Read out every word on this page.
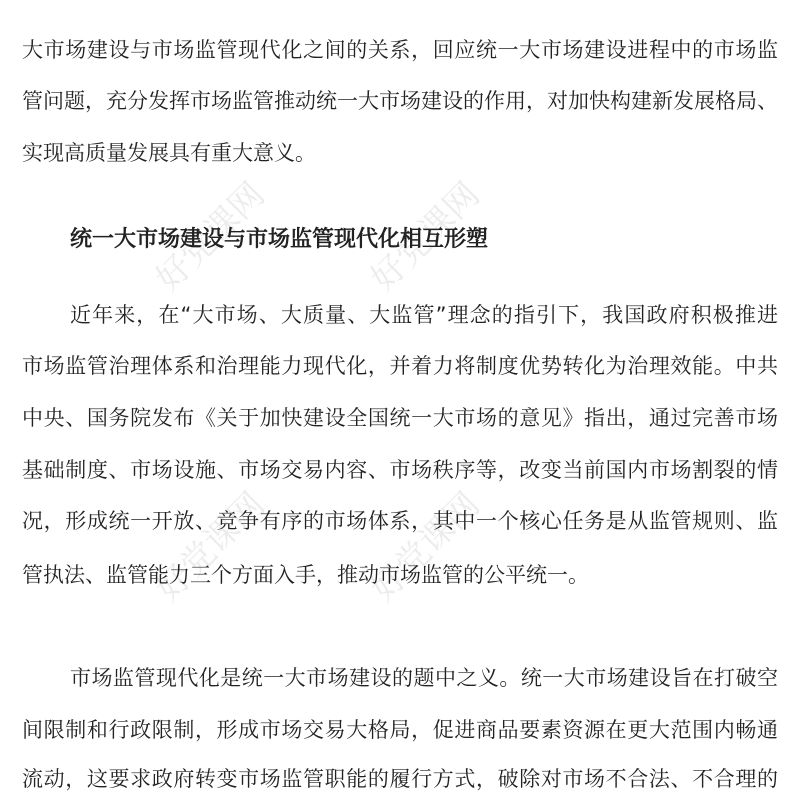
好党课网	好党课网
好党课网	好党课网
大市场建设与市场监管现代化之间的关系，回应统一大市场建设进程中的市场监
管问题，充分发挥市场监管推动统一大市场建设的作用，对加快构建新发展格局、
实现高质量发展具有重大意义。
统一大市场建设与市场监管现代化相互形塑
近年来，在“大市场、大质量、大监管”理念的指引下，我国政府积极推进
市场监管治理体系和治理能力现代化，并着力将制度优势转化为治理效能。中共
中央、国务院发布《关于加快建设全国统一大市场的意见》指出，通过完善市场
基础制度、市场设施、市场交易内容、市场秩序等，改变当前国内市场割裂的情
况，形成统一开放、竞争有序的市场体系，其中一个核心任务是从监管规则、监
管执法、监管能力三个方面入手，推动市场监管的公平统一。
市场监管现代化是统一大市场建设的题中之义。统一大市场建设旨在打破空
间限制和行政限制，形成市场交易大格局，促进商品要素资源在更大范围内畅通
流动，这要求政府转变市场监管职能的履行方式，破除对市场不合法、不合理的
